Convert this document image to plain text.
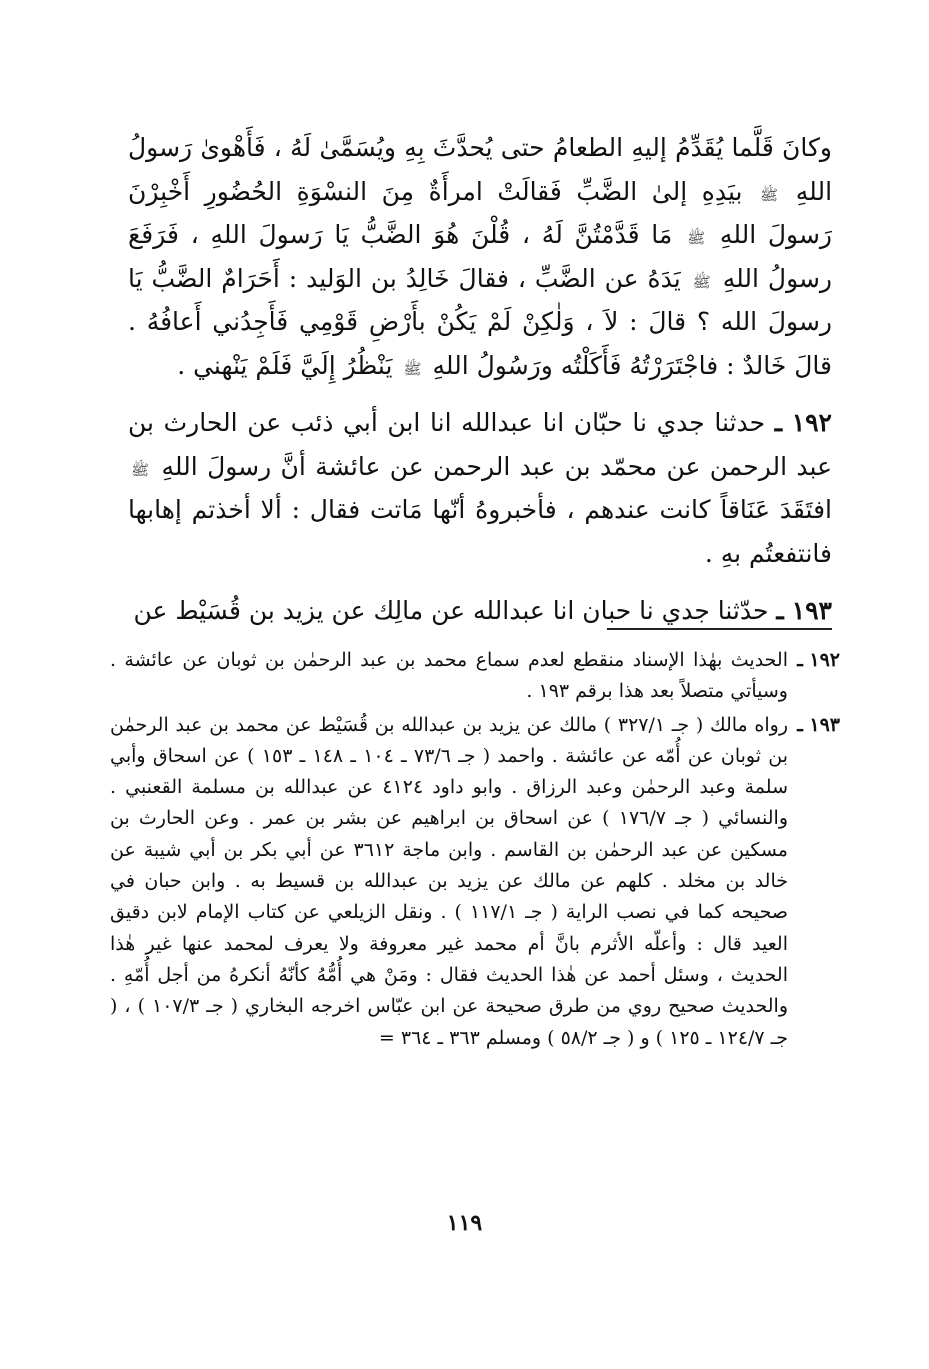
وكانَ قَلَّما يُقَدِّمُ إليهِ الطعامُ حتى يُحدَّثَ بِهِ ويُسَمَّىٰ لَهُ ، فَأَهْوىٰ رَسولُ اللهِ ﷺ بيَدِهِ إلىٰ الضَّبِّ فَقالَتْ امرأَةٌ مِنَ النسْوَةِ الحُضُورِ أَخْبِرْنَ رَسولَ اللهِ ﷺ مَا قَدَّمْتُنَّ لَهُ ، قُلْنَ هُوَ الضَّبُّ يَا رَسولَ اللهِ ، فَرَفَعَ رسولُ اللهِ ﷺ يَدَهُ عن الضَّبِّ ، فقالَ خَالِدُ بن الوَليد : أَحَرَامٌ الضَّبُّ يَا رسولَ الله ؟ قالَ : لاَ ، وَلٰكِنْ لَمْ يَكُنْ بأَرْضِ قَوْمِي فَأَجِدُني أَعافُهُ . قالَ خَالدٌ : فاجْتَرَرْتُهُ فَأَكَلْتُه ورَسُولُ اللهِ ﷺ يَنْظُرُ إِلَيَّ فَلَمْ يَنْهني .

١٩٢ ـ حدثنا جدي نا حبّان انا عبدالله انا ابن أبي ذئب عن الحارث بن عبد الرحمن عن محمّد بن عبد الرحمن عن عائشة أنَّ رسولَ اللهِ ﷺ افتَقَدَ عَنَاقاً كانت عندهم ، فأخبروهُ أنّها مَاتت فقال : ألا أخذتم إهابها فانتفعتُم بهِ .

١٩٣ ـ حدّثنا جدي نا حبان انا عبدالله عن مالِك عن يزيد بن قُسَيْط عن

١٩٢ ـ

الحديث بهٰذا الإسناد منقطع لعدم سماع محمد بن عبد الرحمٰن بن ثوبان عن عائشة . وسيأتي متصلاً بعد هذا برقم ١٩٣ .

١٩٣ ـ

رواه مالك ( جـ ٣٢٧/١ ) مالك عن يزيد بن عبدالله بن قُسَيْط عن محمد بن عبد الرحمٰن بن ثوبان عن أُمّه عن عائشة . واحمد ( جـ ٧٣/٦ ـ ١٠٤ ـ ١٤٨ ـ ١٥٣ ) عن اسحاق وأبي سلمة وعبد الرحمٰن وعبد الرزاق . وابو داود ٤١٢٤ عن عبدالله بن مسلمة القعنبي . والنسائي ( جـ ١٧٦/٧ ) عن اسحاق بن ابراهيم عن بشر بن عمر . وعن الحارث بن مسكين عن عبد الرحمٰن بن القاسم . وابن ماجة ٣٦١٢ عن أبي بكر بن أبي شيبة عن خالد بن مخلد . كلهم عن مالك عن يزيد بن عبدالله بن قسيط به . وابن حبان في صحيحه كما في نصب الراية ( جـ ١١٧/١ ) . ونقل الزيلعي عن كتاب الإمام لابن دقيق العيد قال : وأعلّه الأثرم بانَّ أم محمد غير معروفة ولا يعرف لمحمد عنها غير هٰذا الحديث ، وسئل أحمد عن هٰذا الحديث فقال : ومَنْ هي أُمُّهُ كأنّهُ أنكرهُ من أجل أُمّهِ . والحديث صحيح روي من طرق صحيحة عن ابن عبّاس اخرجه البخاري ( جـ ١٠٧/٣ ) ، ( جـ ١٢٤/٧ ـ ١٢٥ ) و ( جـ ٥٨/٢ ) ومسلم ٣٦٣ ـ ٣٦٤ =

١١٩
